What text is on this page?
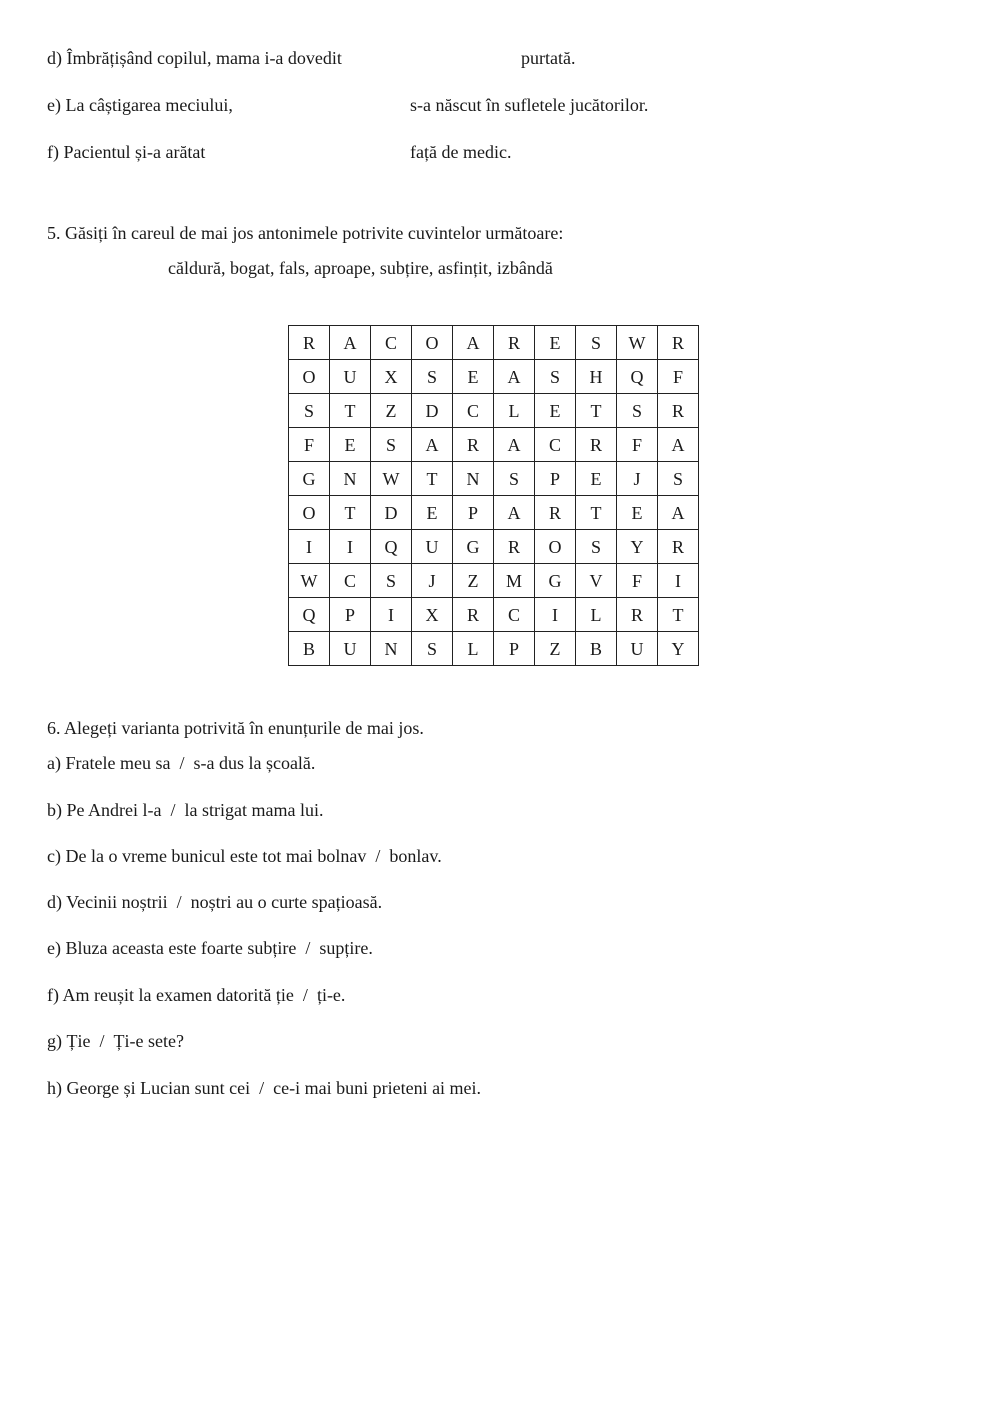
d) Îmbrățișând copilul, mama i-a dovedit	purtată.
e) La câștigarea meciului,	s-a născut în sufletele jucătorilor.
f) Pacientul și-a arătat	față de medic.
5. Găsiți în careul de mai jos antonimele potrivite cuvintelor următoare:
căldură, bogat, fals, aproape, subțire, asfințit, izbândă
R	A	C	O	A	R	E	S	W	R
O	U	X	S	E	A	S	H	Q	F
S	T	Z	D	C	L	E	T	S	R
F	E	S	A	R	A	C	R	F	A
G	N	W	T	N	S	P	E	J	S
O	T	D	E	P	A	R	T	E	A
I	I	Q	U	G	R	O	S	Y	R
W	C	S	J	Z	M	G	V	F	I
Q	P	I	X	R	C	I	L	R	T
B	U	N	S	L	P	Z	B	U	Y
6. Alegeți varianta potrivită în enunțurile de mai jos.
a) Fratele meu sa / s-a dus la școală.
b) Pe Andrei l-a / la strigat mama lui.
c) De la o vreme bunicul este tot mai bolnav / bonlav.
d) Vecinii noștrii / noștri au o curte spațioasă.
e) Bluza aceasta este foarte subțire / supțire.
f) Am reușit la examen datorită ție / ți-e.
g) Ție / Ți-e sete?
h) George și Lucian sunt cei / ce-i mai buni prieteni ai mei.
